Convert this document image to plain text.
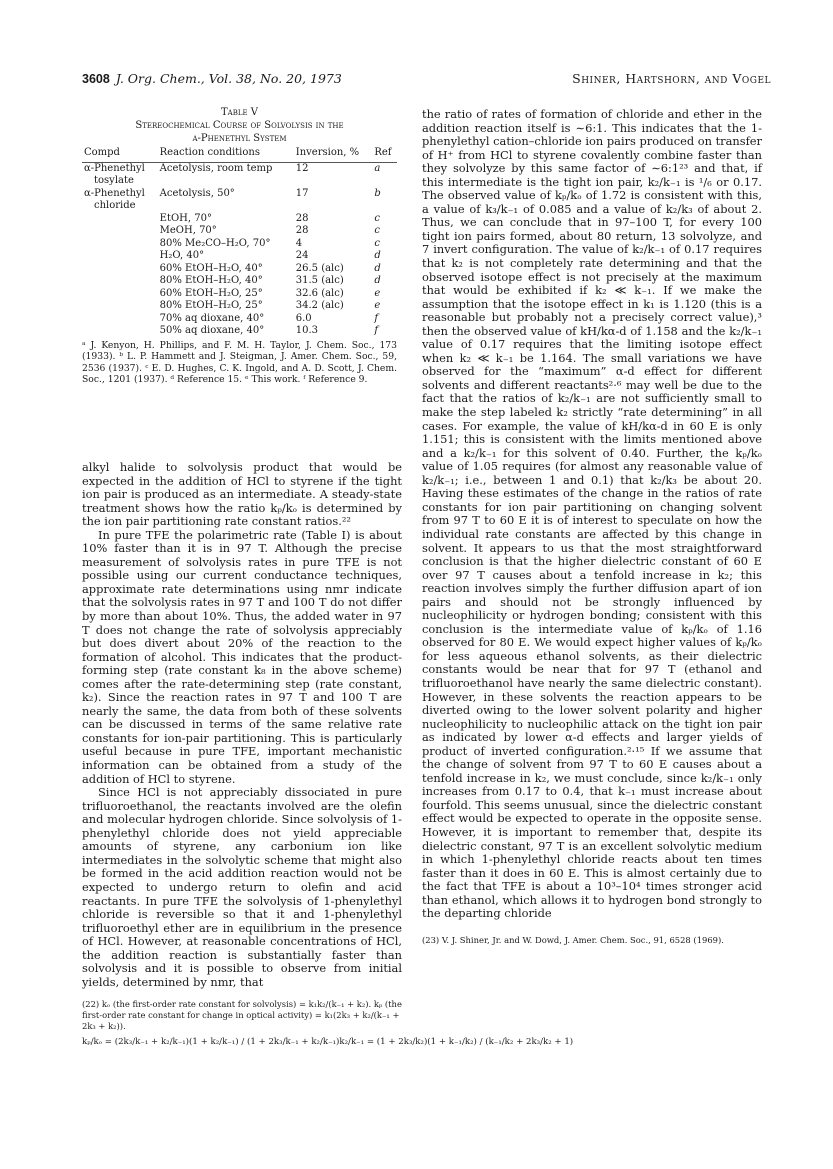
3608 J. Org. Chem., Vol. 38, No. 20, 1973	Shiner, Hartshorn, and Vogel
Table V
Stereochemical Course of Solvolysis in the
α-Phenethyl System
Compd	Reaction conditions	Inversion, %	Ref
α-Phenethyl	Acetolysis, room temp	12	a
tosylate			
α-Phenethyl	Acetolysis, 50°	17	b
chloride			

	EtOH, 70°	28	c
	MeOH, 70°	28	c
	80% Me₂CO–H₂O, 70°	4	c
	H₂O, 40°	24	d
	60% EtOH–H₂O, 40°	26.5 (alc)	d
	80% EtOH–H₂O, 40°	31.5 (alc)	d
	60% EtOH–H₂O, 25°	32.6 (alc)	e
	80% EtOH–H₂O, 25°	34.2 (alc)	e
	70% aq dioxane, 40°	6.0	f
	50% aq dioxane, 40°	10.3	f
ᵃ J. Kenyon, H. Phillips, and F. M. H. Taylor, J. Chem. Soc., 173 (1933). ᵇ L. P. Hammett and J. Steigman, J. Amer. Chem. Soc., 59, 2536 (1937). ᶜ E. D. Hughes, C. K. Ingold, and A. D. Scott, J. Chem. Soc., 1201 (1937). ᵈ Reference 15. ᵉ This work. ᶠ Reference 9.

alkyl halide to solvolysis product that would be expected in the addition of HCl to styrene if the tight ion pair is produced as an intermediate. A steady-state treatment shows how the ratio kₚ/kₒ is determined by the ion pair partitioning rate constant ratios.²²

In pure TFE the polarimetric rate (Table I) is about 10% faster than it is in 97 T. Although the precise measurement of solvolysis rates in pure TFE is not possible using our current conductance techniques, approximate rate determinations using nmr indicate that the solvolysis rates in 97 T and 100 T do not differ by more than about 10%. Thus, the added water in 97 T does not change the rate of solvolysis appreciably but does divert about 20% of the reaction to the formation of alcohol. This indicates that the product-forming step (rate constant k₈ in the above scheme) comes after the rate-determining step (rate constant, k₂). Since the reaction rates in 97 T and 100 T are nearly the same, the data from both of these solvents can be discussed in terms of the same relative rate constants for ion-pair partitioning. This is particularly useful because in pure TFE, important mechanistic information can be obtained from a study of the addition of HCl to styrene.

Since HCl is not appreciably dissociated in pure trifluoroethanol, the reactants involved are the olefin and molecular hydrogen chloride. Since solvolysis of 1-phenylethyl chloride does not yield appreciable amounts of styrene, any carbonium ion like intermediates in the solvolytic scheme that might also be formed in the acid addition reaction would not be expected to undergo return to olefin and acid reactants. In pure TFE the solvolysis of 1-phenylethyl chloride is reversible so that it and 1-phenylethyl trifluoroethyl ether are in equilibrium in the presence of HCl. However, at reasonable concentrations of HCl, the addition reaction is substantially faster than solvolysis and it is possible to observe from initial yields, determined by nmr, that

(22) kₒ (the first-order rate constant for solvolysis) = k₁k₂/(k₋₁ + k₂). kₚ (the first-order rate constant for change in optical activity) = k₁(2k₃ + k₂/(k₋₁ + 2k₃ + k₂)).
kₚ/kₒ = (2k₃/k₋₁ + k₂/k₋₁)(1 + k₂/k₋₁) / (1 + 2k₃/k₋₁ + k₂/k₋₁)k₂/k₋₁ = (1 + 2k₃/k₂)(1 + k₋₁/k₂) / (k₋₁/k₂ + 2k₃/k₂ + 1)

the ratio of rates of formation of chloride and ether in the addition reaction itself is ∼6:1. This indicates that the 1-phenylethyl cation–chloride ion pairs produced on transfer of H⁺ from HCl to styrene covalently combine faster than they solvolyze by this same factor of ∼6:1²³ and that, if this intermediate is the tight ion pair, k₂/k₋₁ is ¹/₆ or 0.17. The observed value of kₚ/kₒ of 1.72 is consistent with this, a value of k₃/k₋₁ of 0.085 and a value of k₂/k₃ of about 2. Thus, we can conclude that in 97–100 T, for every 100 tight ion pairs formed, about 80 return, 13 solvolyze, and 7 invert configuration. The value of k₂/k₋₁ of 0.17 requires that k₂ is not completely rate determining and that the observed isotope effect is not precisely at the maximum that would be exhibited if k₂ ≪ k₋₁. If we make the assumption that the isotope effect in k₁ is 1.120 (this is a reasonable but probably not a precisely correct value),³ then the observed value of kH/kα-d of 1.158 and the k₂/k₋₁ value of 0.17 requires that the limiting isotope effect when k₂ ≪ k₋₁ be 1.164. The small variations we have observed for the “maximum” α-d effect for different solvents and different reactants²·⁶ may well be due to the fact that the ratios of k₂/k₋₁ are not sufficiently small to make the step labeled k₂ strictly “rate determining” in all cases. For example, the value of kH/kα-d in 60 E is only 1.151; this is consistent with the limits mentioned above and a k₂/k₋₁ for this solvent of 0.40. Further, the kₚ/kₒ value of 1.05 requires (for almost any reasonable value of k₂/k₋₁; i.e., between 1 and 0.1) that k₂/k₃ be about 20. Having these estimates of the change in the ratios of rate constants for ion pair partitioning on changing solvent from 97 T to 60 E it is of interest to speculate on how the individual rate constants are affected by this change in solvent. It appears to us that the most straightforward conclusion is that the higher dielectric constant of 60 E over 97 T causes about a tenfold increase in k₂; this reaction involves simply the further diffusion apart of ion pairs and should not be strongly influenced by nucleophilicity or hydrogen bonding; consistent with this conclusion is the intermediate value of kₚ/kₒ of 1.16 observed for 80 E. We would expect higher values of kₚ/kₒ for less aqueous ethanol solvents, as their dielectric constants would be near that for 97 T (ethanol and trifluoroethanol have nearly the same dielectric constant). However, in these solvents the reaction appears to be diverted owing to the lower solvent polarity and higher nucleophilicity to nucleophilic attack on the tight ion pair as indicated by lower α-d effects and larger yields of product of inverted configuration.²·¹⁵ If we assume that the change of solvent from 97 T to 60 E causes about a tenfold increase in k₂, we must conclude, since k₂/k₋₁ only increases from 0.17 to 0.4, that k₋₁ must increase about fourfold. This seems unusual, since the dielectric constant effect would be expected to operate in the opposite sense. However, it is important to remember that, despite its dielectric constant, 97 T is an excellent solvolytic medium in which 1-phenylethyl chloride reacts about ten times faster than it does in 60 E. This is almost certainly due to the fact that TFE is about a 10³–10⁴ times stronger acid than ethanol, which allows it to hydrogen bond strongly to the departing chloride

(23) V. J. Shiner, Jr. and W. Dowd, J. Amer. Chem. Soc., 91, 6528 (1969).
